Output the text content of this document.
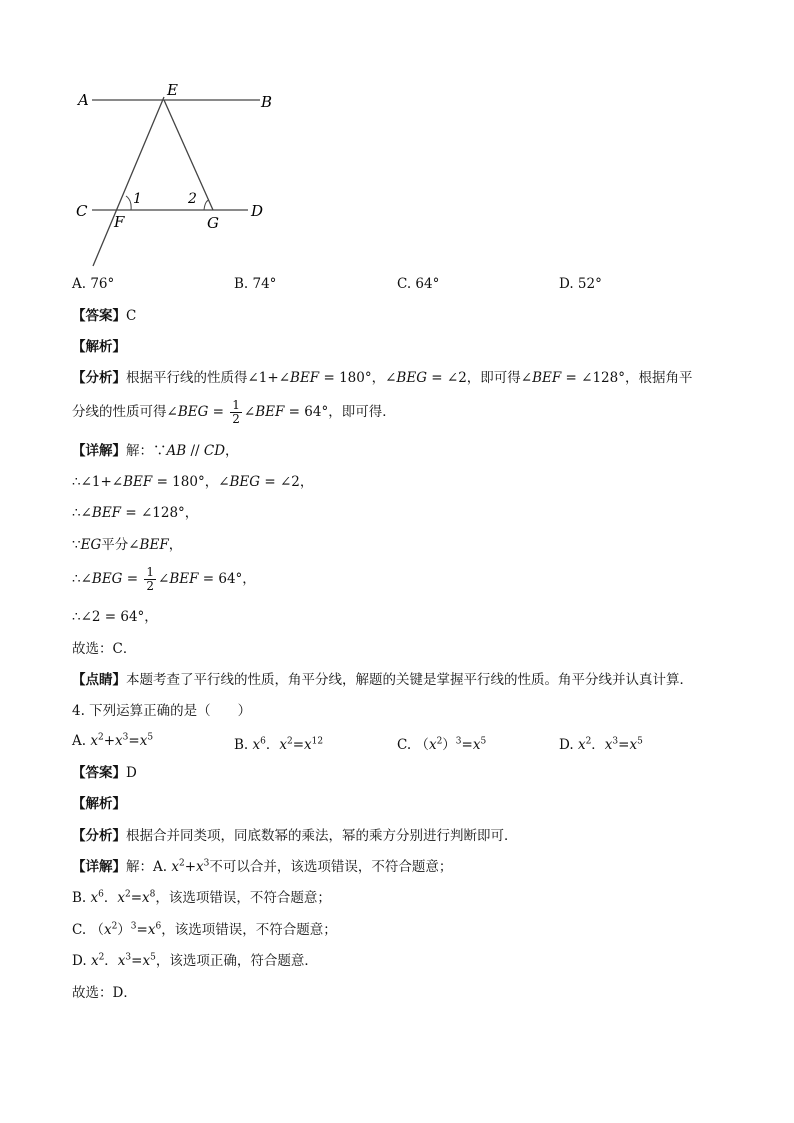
A
E
B
C
1	2
D
F	G
A. 76°	B. 74°	C. 64°	D. 52°
【答案】C
【解析】
【分析】根据平行线的性质得∠1+∠BEF = 180°，∠BEG = ∠2，即可得∠BEF = ∠128°，根据角平
分线的性质可得∠BEG = $\frac{1}{2}$ ∠BEF = 64°，即可得．
【详解】解：∵AB // CD，
∴∠1+∠BEF = 180°，∠BEG = ∠2，
∴∠BEF = ∠128°，
∵EG平分∠BEF，
∴∠BEG = $\frac{1}{2}$ ∠BEF = 64°，
∴∠2 = 64°，
故选：C．
【点睛】本题考查了平行线的性质，角平分线，解题的关键是掌握平行线的性质。角平分线并认真计算．
4. 下列运算正确的是（　　）
A. $x^2+x^3=x^5$	B. $x^6$．$x^2=x^{12}$	C. $(x^2)^3=x^5$	D. $x^2$．$x^3=x^5$
【答案】D
【解析】
【分析】根据合并同类项，同底数幂的乘法，幂的乘方分别进行判断即可．
【详解】解：A. $x^2+x^3$不可以合并，该选项错误，不符合题意；
B. $x^6$．$x^2=x^8$，该选项错误，不符合题意；
C. $(x^2)^3=x^6$，该选项错误，不符合题意；
D. $x^2$．$x^3=x^5$，该选项正确，符合题意．
故选：D．
